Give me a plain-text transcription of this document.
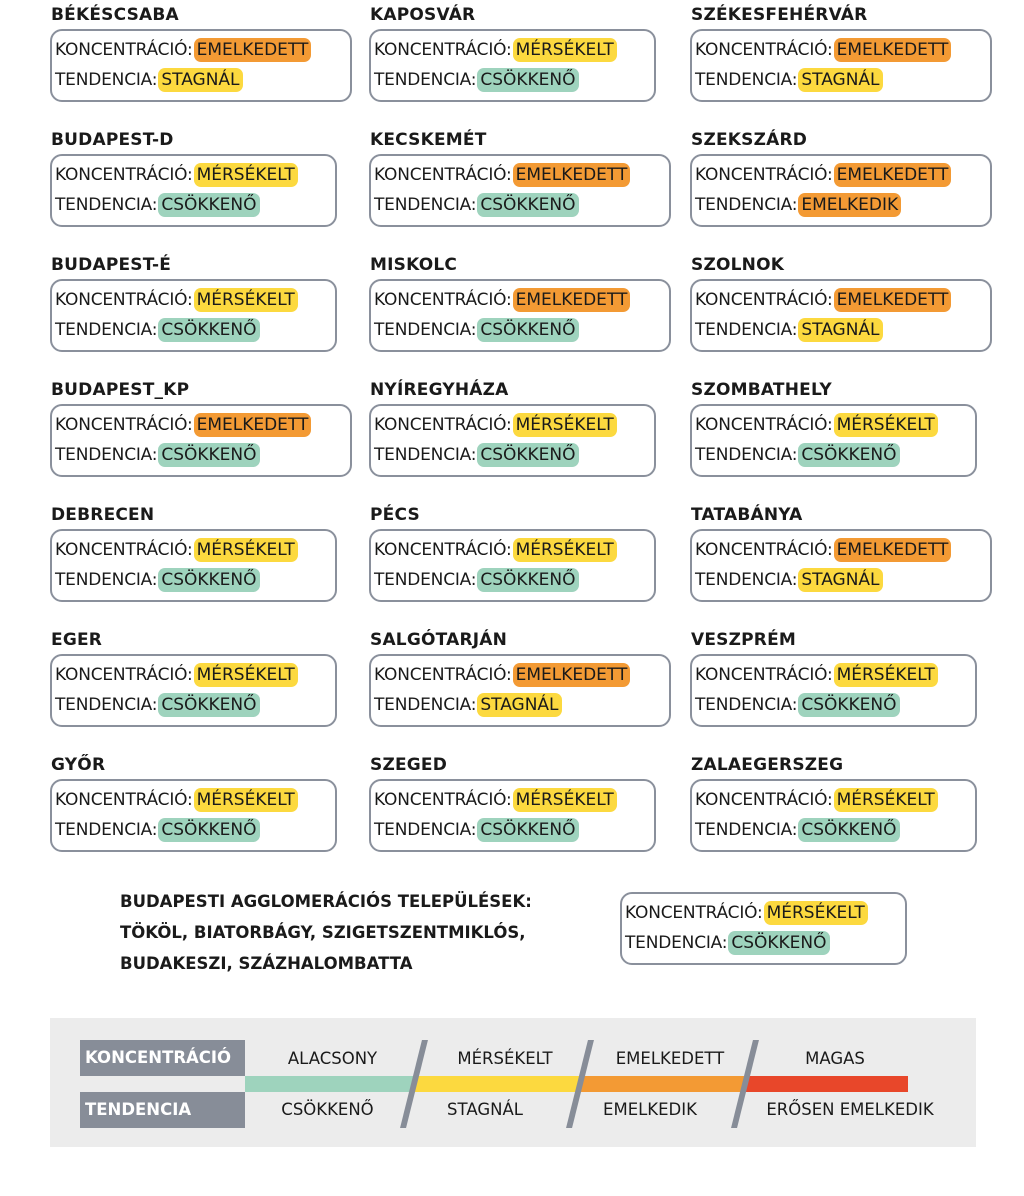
BÉKÉSCSABA
KONCENTRÁCIÓ: EMELKEDETT
TENDENCIA: STAGNÁL
BUDAPEST-D
KONCENTRÁCIÓ: MÉRSÉKELT
TENDENCIA: CSÖKKENŐ
BUDAPEST-É
KONCENTRÁCIÓ: MÉRSÉKELT
TENDENCIA: CSÖKKENŐ
BUDAPEST_KP
KONCENTRÁCIÓ: EMELKEDETT
TENDENCIA: CSÖKKENŐ
DEBRECEN
KONCENTRÁCIÓ: MÉRSÉKELT
TENDENCIA: CSÖKKENŐ
EGER
KONCENTRÁCIÓ: MÉRSÉKELT
TENDENCIA: CSÖKKENŐ
GYŐR
KONCENTRÁCIÓ: MÉRSÉKELT
TENDENCIA: CSÖKKENŐ
KAPOSVÁR
KONCENTRÁCIÓ: MÉRSÉKELT
TENDENCIA: CSÖKKENŐ
KECSKEMÉT
KONCENTRÁCIÓ: EMELKEDETT
TENDENCIA: CSÖKKENŐ
MISKOLC
KONCENTRÁCIÓ: EMELKEDETT
TENDENCIA: CSÖKKENŐ
NYÍREGYHÁZA
KONCENTRÁCIÓ: MÉRSÉKELT
TENDENCIA: CSÖKKENŐ
PÉCS
KONCENTRÁCIÓ: MÉRSÉKELT
TENDENCIA: CSÖKKENŐ
SALGÓTARJÁN
KONCENTRÁCIÓ: EMELKEDETT
TENDENCIA: STAGNÁL
SZEGED
KONCENTRÁCIÓ: MÉRSÉKELT
TENDENCIA: CSÖKKENŐ
SZÉKESFEHÉRVÁR
KONCENTRÁCIÓ: EMELKEDETT
TENDENCIA: STAGNÁL
SZEKSZÁRD
KONCENTRÁCIÓ: EMELKEDETT
TENDENCIA: EMELKEDIK
SZOLNOK
KONCENTRÁCIÓ: EMELKEDETT
TENDENCIA: STAGNÁL
SZOMBATHELY
KONCENTRÁCIÓ: MÉRSÉKELT
TENDENCIA: CSÖKKENŐ
TATABÁNYA
KONCENTRÁCIÓ: EMELKEDETT
TENDENCIA: STAGNÁL
VESZPRÉM
KONCENTRÁCIÓ: MÉRSÉKELT
TENDENCIA: CSÖKKENŐ
ZALAEGERSZEG
KONCENTRÁCIÓ: MÉRSÉKELT
TENDENCIA: CSÖKKENŐ
BUDAPESTI AGGLOMERÁCIÓS TELEPÜLÉSEK:
TÖKÖL, BIATORBÁGY, SZIGETSZENTMIKLÓS,
BUDAKESZI, SZÁZHALOMBATTA
KONCENTRÁCIÓ: MÉRSÉKELT
TENDENCIA: CSÖKKENŐ
KONCENTRÁCIÓ
TENDENCIA
ALACSONY	MÉRSÉKELT	EMELKEDETT	MAGAS
CSÖKKENŐ	STAGNÁL	EMELKEDIK	ERŐSEN EMELKEDIK
